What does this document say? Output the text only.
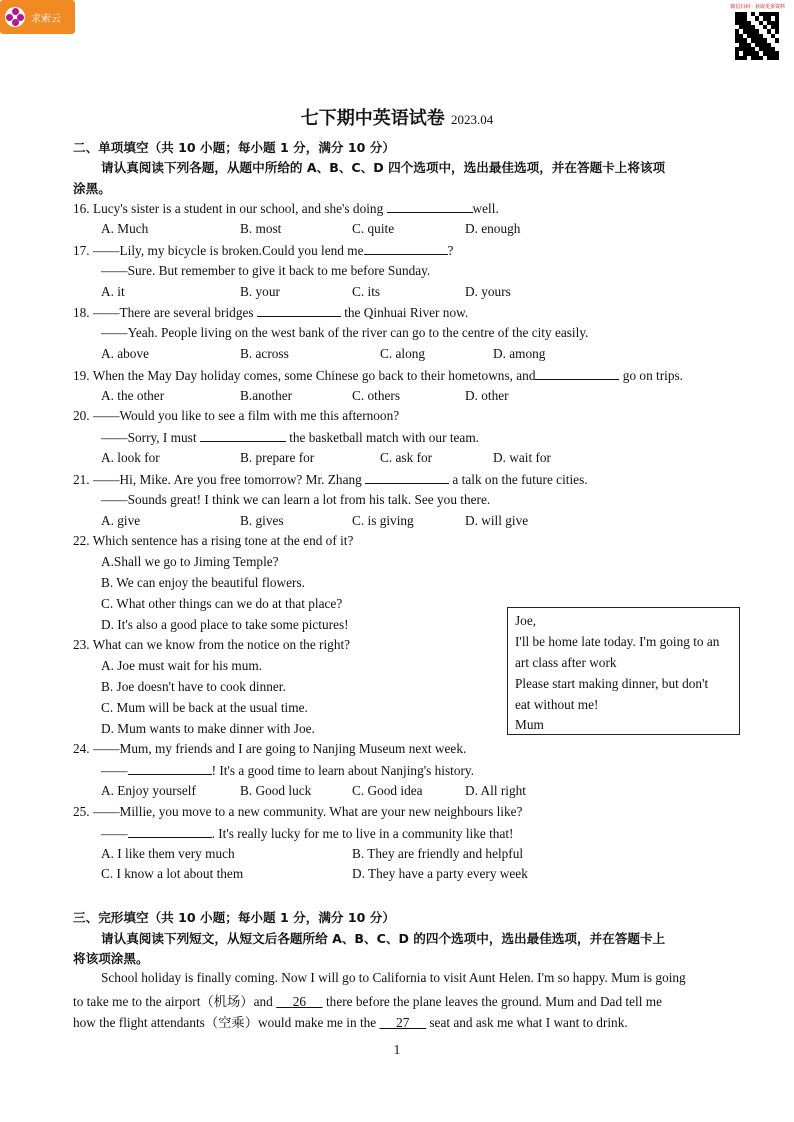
求索云
微信扫码 · 获取更多资料
七下期中英语试卷 2023.04
二、单项填空（共 10 小题；每小题 1 分，满分 10 分）
请认真阅读下列各题，从题中所给的 A、B、C、D 四个选项中，选出最佳选项，并在答题卡上将该项
涂黑。
16. Lucy's sister is a student in our school, and she's doing	well.
A. Much	B. most	C. quite	D. enough
17. ——Lily, my bicycle is broken.Could you lend me	?
——Sure. But remember to give it back to me before Sunday.
A. it	B. your	C. its	D. yours
18. ——There are several bridges	the Qinhuai River now.
——Yeah. People living on the west bank of the river can go to the centre of the city easily.
A. above	B. across	C. along	D. among
19. When the May Day holiday comes, some Chinese go back to their hometowns, and	go on trips.
A. the other	B.another	C. others	D. other
20. ——Would you like to see a film with me this afternoon?
——Sorry, I must	the basketball match with our team.
A. look for	B. prepare for	C. ask for	D. wait for
21. ——Hi, Mike. Are you free tomorrow? Mr. Zhang	a talk on the future cities.
——Sounds great! I think we can learn a lot from his talk. See you there.
A. give	B. gives	C. is giving	D. will give
22. Which sentence has a rising tone at the end of it?
A.Shall we go to Jiming Temple?
B. We can enjoy the beautiful flowers.
C. What other things can we do at that place?
D. It's also a good place to take some pictures!
23. What can we know from the notice on the right?
A. Joe must wait for his mum.
B. Joe doesn't have to cook dinner.
C. Mum will be back at the usual time.
D. Mum wants to make dinner with Joe.
Joe,
I'll be home late today. I'm going to an
art class after work
Please start making dinner, but don't
eat without me!
Mum
24. ——Mum, my friends and I are going to Nanjing Museum next week.
——	! It's a good time to learn about Nanjing's history.
A. Enjoy yourself	B. Good luck	C. Good idea	D. All right
25. ——Millie, you move to a new community. What are your new neighbours like?
——	. It's really lucky for me to live in a community like that!
A. I like them very much	B. They are friendly and helpful
C. I know a lot about them	D. They have a party every week
三、完形填空（共 10 小题；每小题 1 分，满分 10 分）
请认真阅读下列短文，从短文后各题所给 A、B、C、D 的四个选项中，选出最佳选项，并在答题卡上
将该项涂黑。
School holiday is finally coming. Now I will go to California to visit Aunt Helen. I'm so happy. Mum is going
to take me to the airport（机场）and      26      there before the plane leaves the ground. Mum and Dad tell me
how the flight attendants（空乘）would make me in the      27      seat and ask me what I want to drink.
1
